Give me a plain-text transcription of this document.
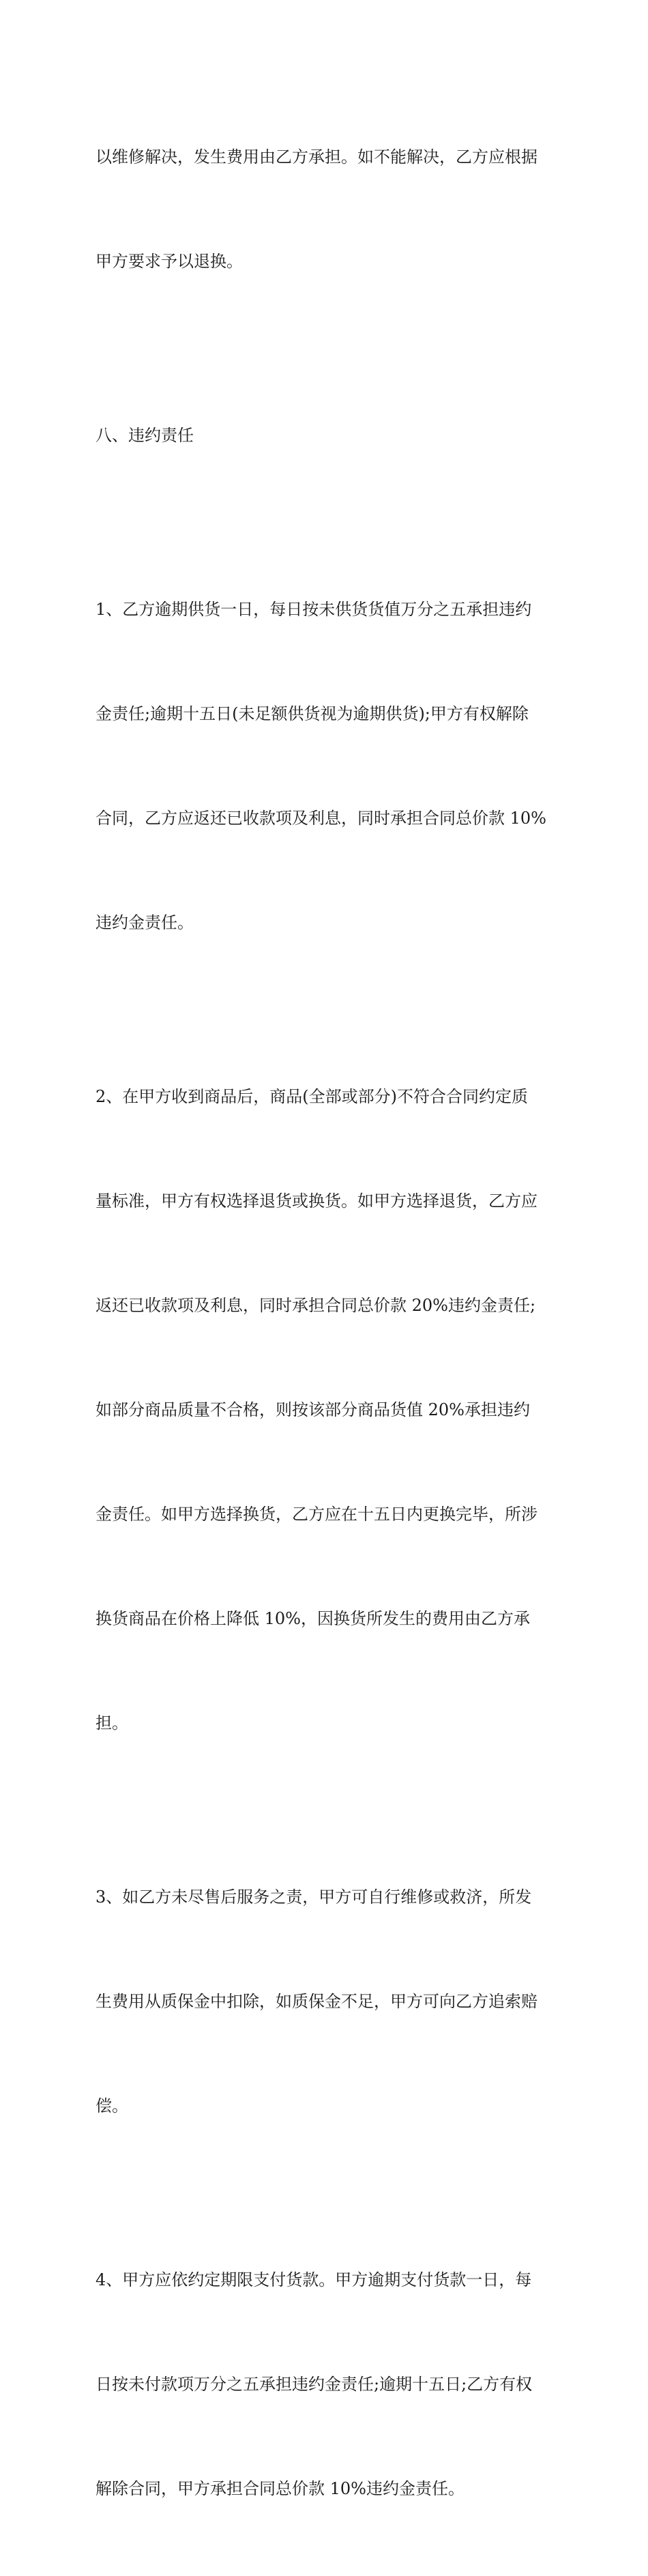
以维修解决，发生费用由乙方承担。如不能解决，乙方应根据

甲方要求予以退换。

八、违约责任

1、乙方逾期供货一日，每日按未供货货值万分之五承担违约

金责任;逾期十五日(未足额供货视为逾期供货);甲方有权解除

合同，乙方应返还已收款项及利息，同时承担合同总价款 10%

违约金责任。

2、在甲方收到商品后，商品(全部或部分)不符合合同约定质

量标准，甲方有权选择退货或换货。如甲方选择退货，乙方应

返还已收款项及利息，同时承担合同总价款 20%违约金责任;

如部分商品质量不合格，则按该部分商品货值 20%承担违约

金责任。如甲方选择换货，乙方应在十五日内更换完毕，所涉

换货商品在价格上降低 10%，因换货所发生的费用由乙方承

担。

3、如乙方未尽售后服务之责，甲方可自行维修或救济，所发

生费用从质保金中扣除，如质保金不足，甲方可向乙方追索赔

偿。

4、甲方应依约定期限支付货款。甲方逾期支付货款一日，每

日按未付款项万分之五承担违约金责任;逾期十五日;乙方有权

解除合同，甲方承担合同总价款 10%违约金责任。
